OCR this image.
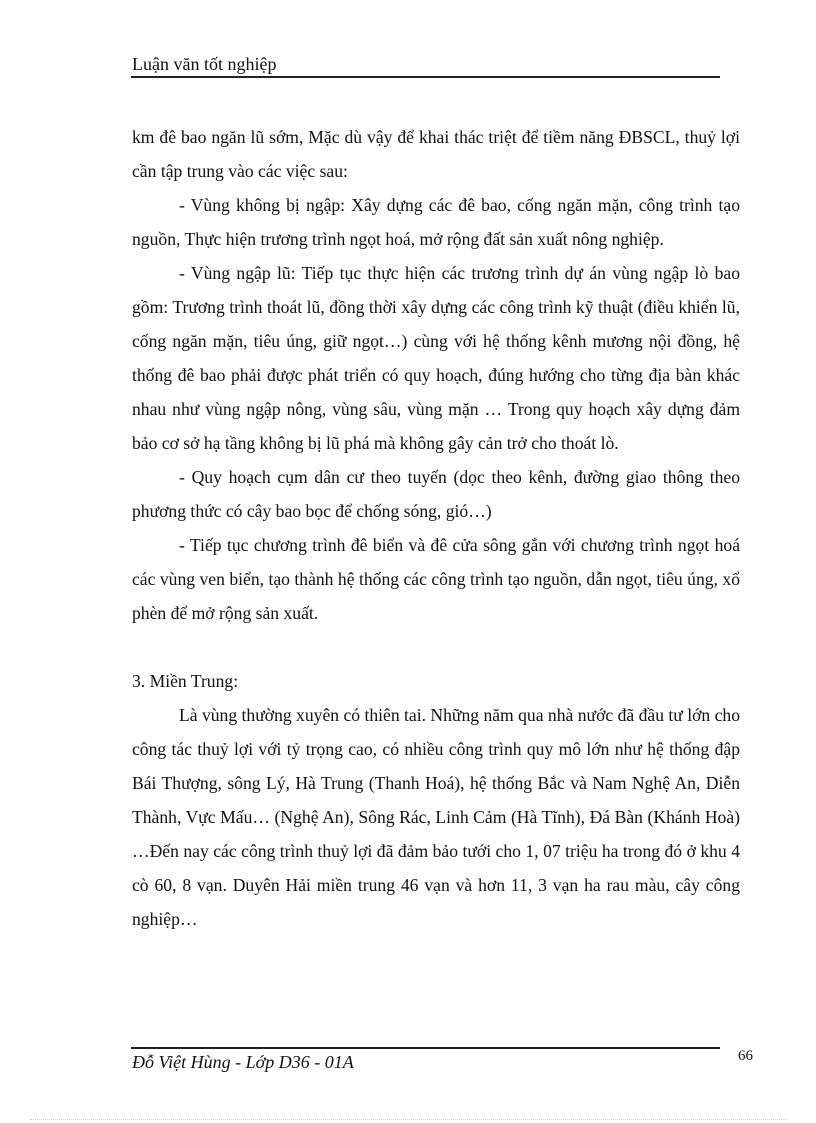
Luận văn tốt nghiệp

km đê bao ngăn lũ sớm, Mặc dù vậy để khai thác triệt để tiềm năng ĐBSCL, thuỷ lợi cần tập trung vào các việc sau:

- Vùng không bị ngập: Xây dựng các đê bao, cống ngăn mặn, công trình tạo nguồn, Thực hiện trương trình ngọt hoá, mở rộng đất sản xuất nông nghiệp.

- Vùng ngập lũ: Tiếp tục thực hiện các trương trình dự án vùng ngập lò bao gồm: Trương trình thoát lũ, đồng thời xây dựng các công trình kỹ thuật (điều khiển lũ, cống ngăn mặn, tiêu úng, giữ ngọt…) cùng với hệ thống kênh mương nội đồng, hệ thống đê bao phải được phát triển có quy hoạch, đúng hướng cho từng địa bàn khác nhau như vùng ngập nông, vùng sâu, vùng mặn … Trong quy hoạch xây dựng đảm bảo cơ sở hạ tầng không bị lũ phá mà không gây cản trở cho thoát lò.

- Quy hoạch cụm dân cư theo tuyến (dọc theo kênh, đường giao thông theo phương thức có cây bao bọc để chống sóng, gió…)

- Tiếp tục chương trình đê biển và đê cửa sông gắn với chương trình ngọt hoá các vùng ven biển, tạo thành hệ thống các công trình tạo nguồn, dẫn ngọt, tiêu úng, xổ phèn để mở rộng sản xuất.

3. Miền Trung:

Là vùng thường xuyên có thiên tai. Những năm qua nhà nước đã đầu tư lớn cho công tác thuỷ lợi với tỷ trọng cao, có nhiều công trình quy mô lớn như hệ thống đập Bái Thượng, sông Lý, Hà Trung (Thanh Hoá), hệ thống Bắc và Nam Nghệ An, Diễn Thành, Vực Mấu… (Nghệ An), Sông Rác, Linh Cảm (Hà Tĩnh), Đá Bàn (Khánh Hoà) …Đến nay các công trình thuỷ lợi đã đảm bảo tưới cho 1, 07 triệu ha trong đó ở khu 4 cò 60, 8 vạn. Duyên Hải miền trung 46 vạn và hơn 11, 3 vạn ha rau màu, cây công nghiệp…

Đỗ Việt Hùng - Lớp D36 - 01A	66
